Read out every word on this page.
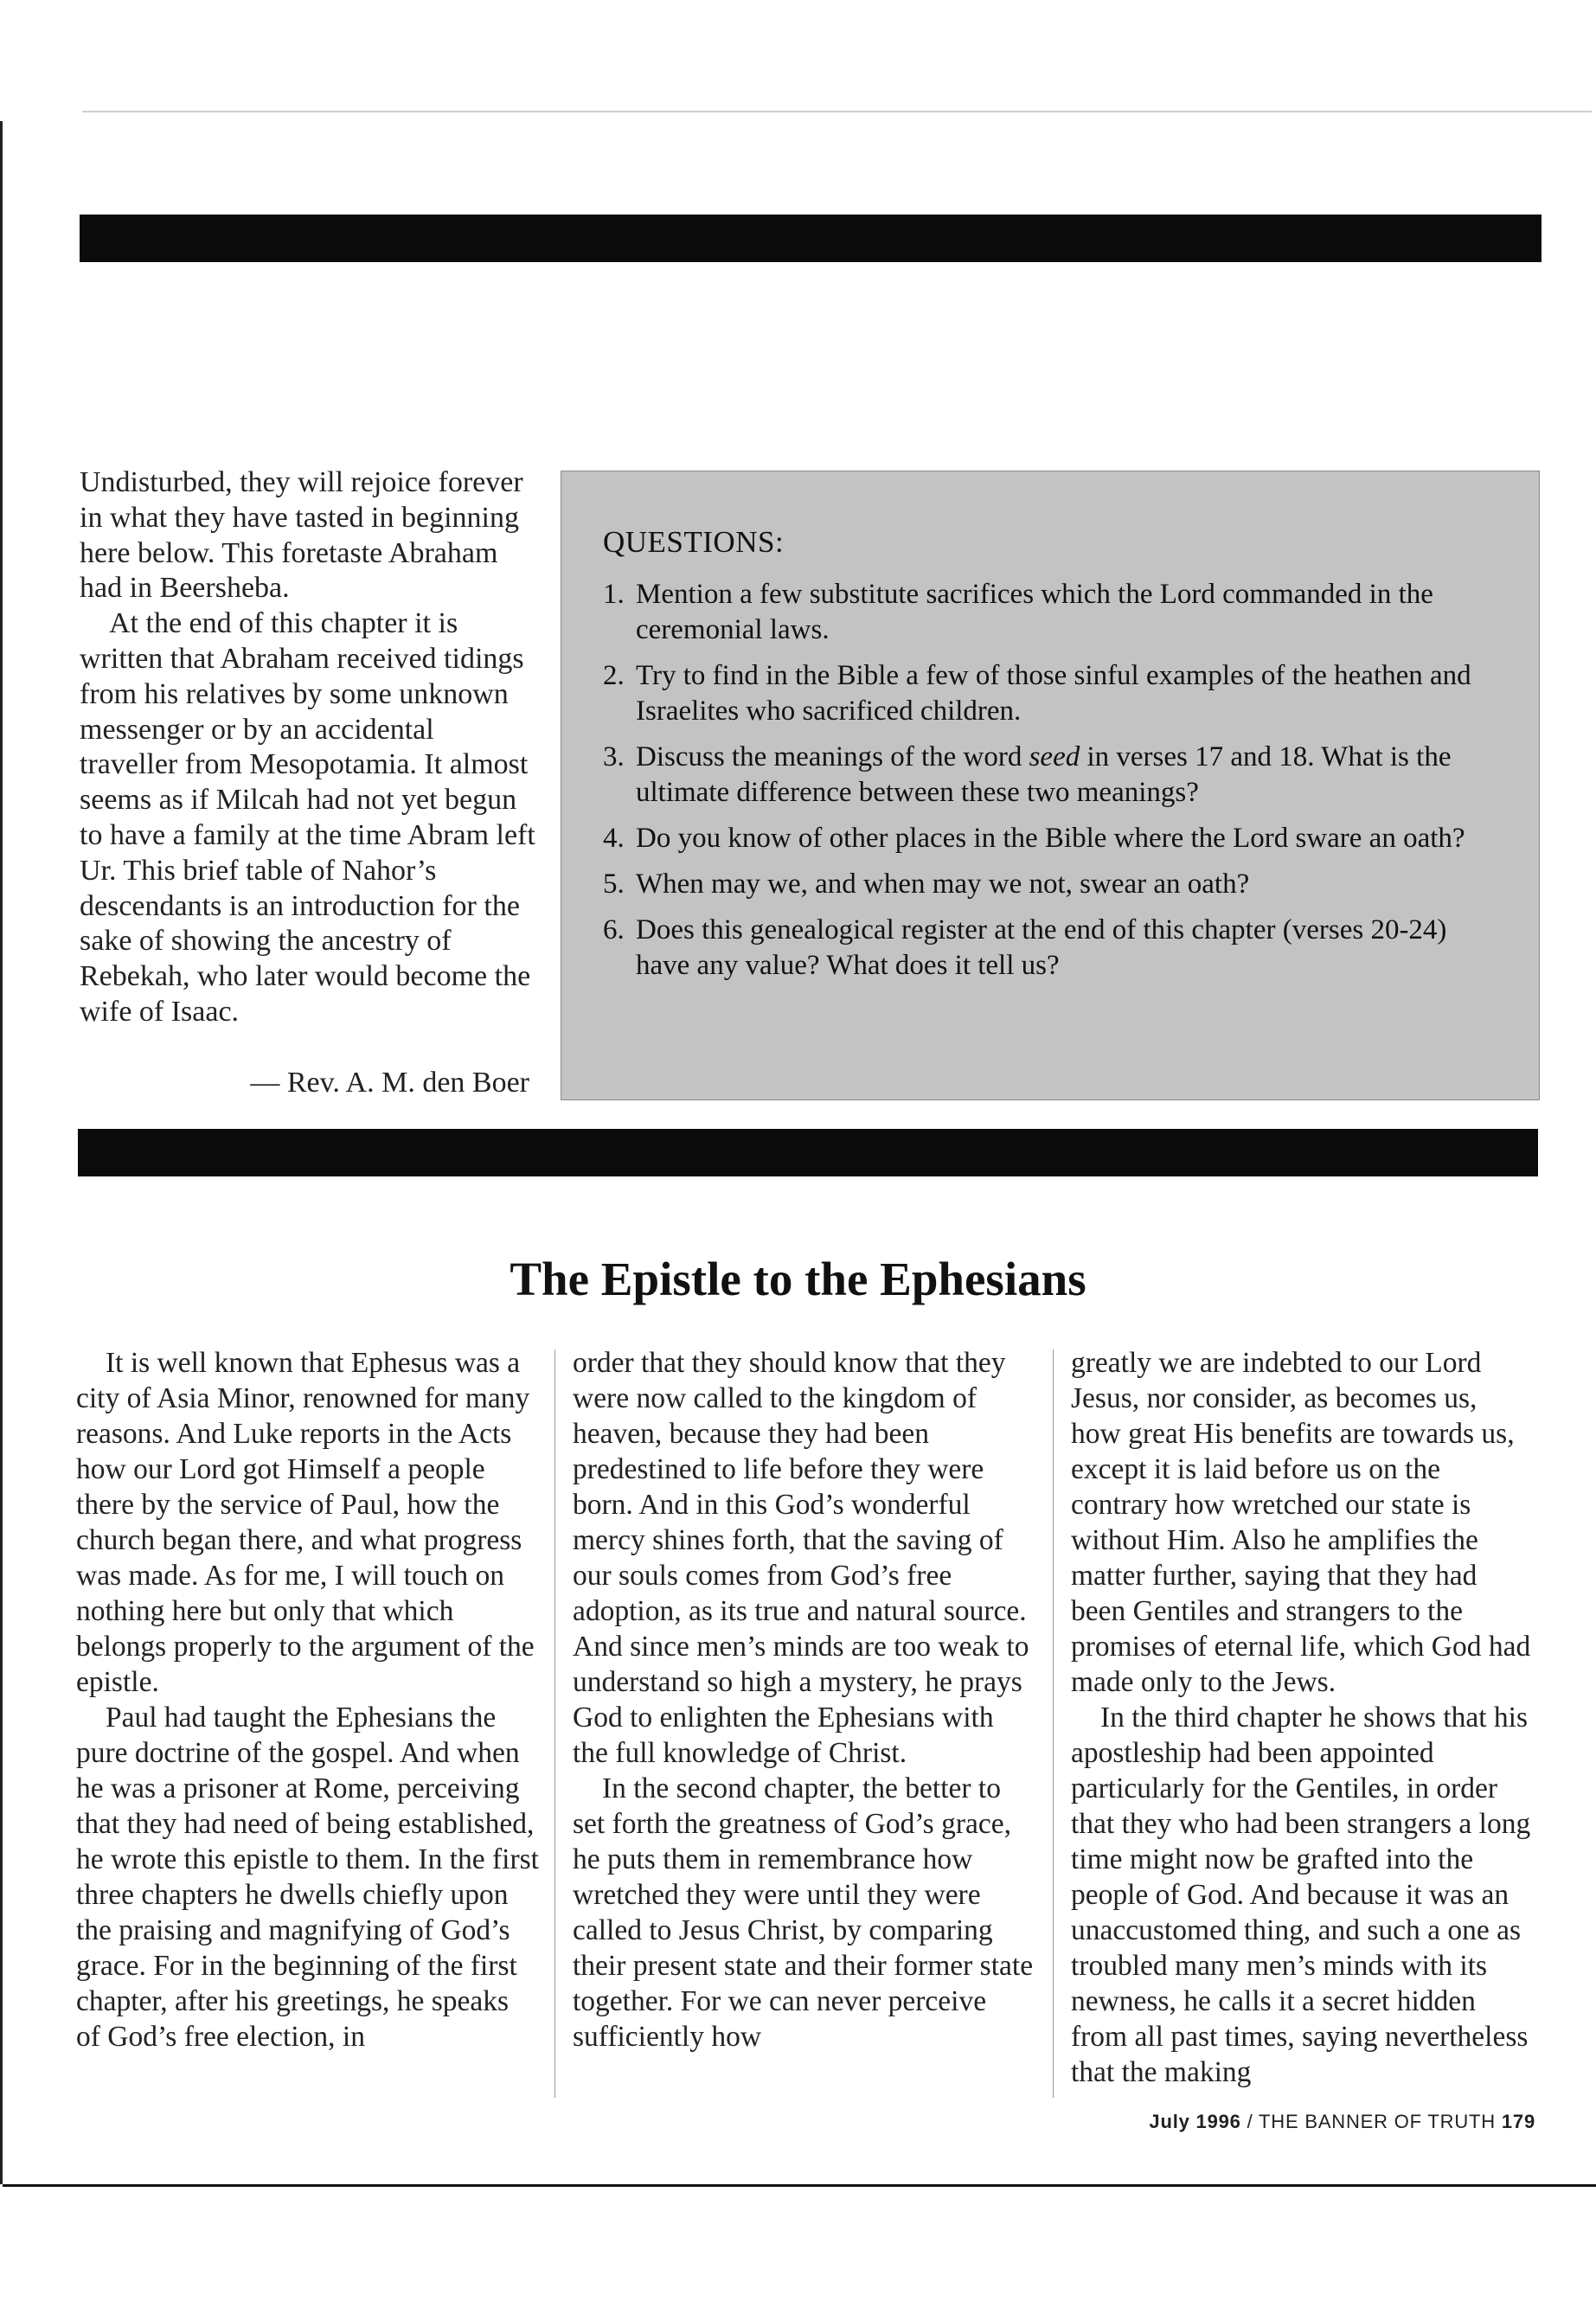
Undisturbed, they will rejoice forever in what they have tasted in beginning here below. This foretaste Abraham had in Beersheba.

At the end of this chapter it is written that Abraham received tidings from his relatives by some unknown messenger or by an accidental traveller from Mesopotamia. It almost seems as if Milcah had not yet begun to have a family at the time Abram left Ur. This brief table of Nahor’s descendants is an introduction for the sake of showing the ancestry of Rebekah, who later would become the wife of Isaac.

— Rev. A. M. den Boer
QUESTIONS:
1. Mention a few substitute sacrifices which the Lord commanded in the ceremonial laws.
2. Try to find in the Bible a few of those sinful examples of the heathen and Israelites who sacrificed children.
3. Discuss the meanings of the word seed in verses 17 and 18. What is the ultimate difference between these two meanings?
4. Do you know of other places in the Bible where the Lord sware an oath?
5. When may we, and when may we not, swear an oath?
6. Does this genealogical register at the end of this chapter (verses 20-24) have any value? What does it tell us?
The Epistle to the Ephesians

It is well known that Ephesus was a city of Asia Minor, renowned for many reasons. And Luke reports in the Acts how our Lord got Himself a people there by the service of Paul, how the church began there, and what progress was made. As for me, I will touch on nothing here but only that which belongs properly to the argument of the epistle.

Paul had taught the Ephesians the pure doctrine of the gospel. And when he was a prisoner at Rome, perceiving that they had need of being established, he wrote this epistle to them. In the first three chapters he dwells chiefly upon the praising and magnifying of God’s grace. For in the beginning of the first chapter, after his greetings, he speaks of God’s free election, in

order that they should know that they were now called to the kingdom of heaven, because they had been predestined to life before they were born. And in this God’s wonderful mercy shines forth, that the saving of our souls comes from God’s free adoption, as its true and natural source. And since men’s minds are too weak to understand so high a mystery, he prays God to enlighten the Ephesians with the full knowledge of Christ.

In the second chapter, the better to set forth the greatness of God’s grace, he puts them in remembrance how wretched they were until they were called to Jesus Christ, by comparing their present state and their former state together. For we can never perceive sufficiently how

greatly we are indebted to our Lord Jesus, nor consider, as becomes us, how great His benefits are towards us, except it is laid before us on the contrary how wretched our state is without Him. Also he amplifies the matter further, saying that they had been Gentiles and strangers to the promises of eternal life, which God had made only to the Jews.

In the third chapter he shows that his apostleship had been appointed particularly for the Gentiles, in order that they who had been strangers a long time might now be grafted into the people of God. And because it was an unaccustomed thing, and such a one as troubled many men’s minds with its newness, he calls it a secret hidden from all past times, saying nevertheless that the making

July 1996 / THE BANNER OF TRUTH 179
